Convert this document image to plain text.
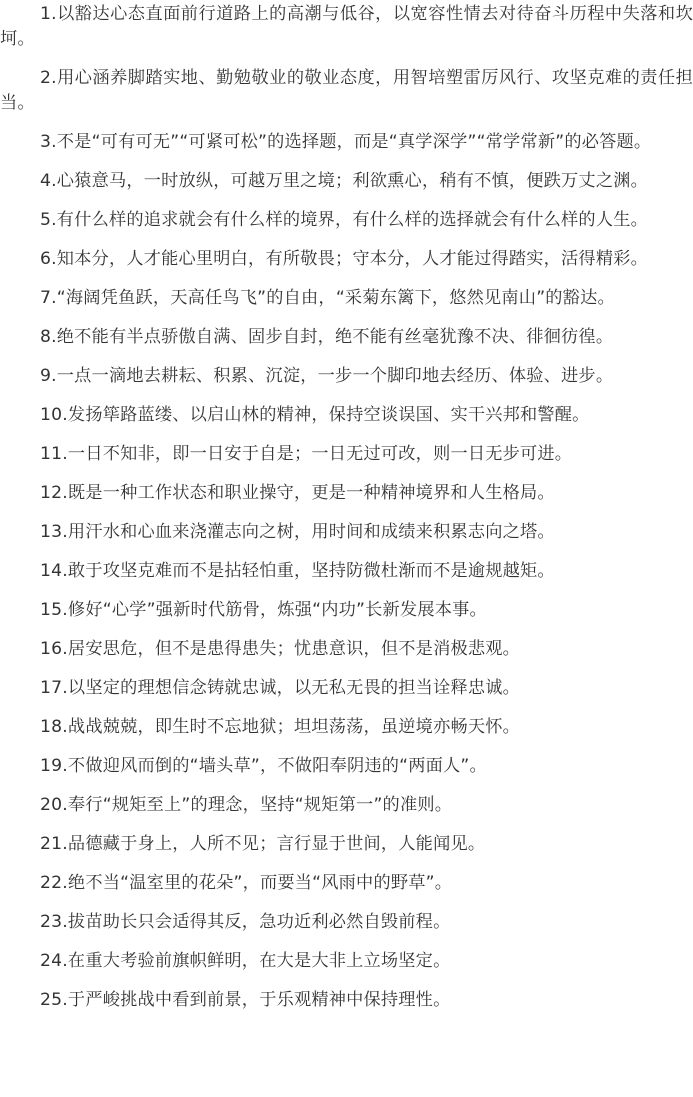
1.以豁达心态直面前行道路上的高潮与低谷，以宽容性情去对待奋斗历程中失落和坎坷。

2.用心涵养脚踏实地、勤勉敬业的敬业态度，用智培塑雷厉风行、攻坚克难的责任担当。

3.不是“可有可无”“可紧可松”的选择题，而是“真学深学”“常学常新”的必答题。

4.心猿意马，一时放纵，可越万里之境；利欲熏心，稍有不慎，便跌万丈之渊。

5.有什么样的追求就会有什么样的境界，有什么样的选择就会有什么样的人生。

6.知本分，人才能心里明白，有所敬畏；守本分，人才能过得踏实，活得精彩。

7.“海阔凭鱼跃，天高任鸟飞”的自由，“采菊东篱下，悠然见南山”的豁达。

8.绝不能有半点骄傲自满、固步自封，绝不能有丝毫犹豫不决、徘徊彷徨。

9.一点一滴地去耕耘、积累、沉淀，一步一个脚印地去经历、体验、进步。

10.发扬筚路蓝缕、以启山林的精神，保持空谈误国、实干兴邦和警醒。

11.一日不知非，即一日安于自是；一日无过可改，则一日无步可进。

12.既是一种工作状态和职业操守，更是一种精神境界和人生格局。

13.用汗水和心血来浇灌志向之树，用时间和成绩来积累志向之塔。

14.敢于攻坚克难而不是拈轻怕重，坚持防微杜渐而不是逾规越矩。

15.修好“心学”强新时代筋骨，炼强“内功”长新发展本事。

16.居安思危，但不是患得患失；忧患意识，但不是消极悲观。

17.以坚定的理想信念铸就忠诚，以无私无畏的担当诠释忠诚。

18.战战兢兢，即生时不忘地狱；坦坦荡荡，虽逆境亦畅天怀。

19.不做迎风而倒的“墙头草”，不做阳奉阴违的“两面人”。

20.奉行“规矩至上”的理念，坚持“规矩第一”的准则。

21.品德藏于身上，人所不见；言行显于世间，人能闻见。

22.绝不当“温室里的花朵”，而要当“风雨中的野草”。

23.拔苗助长只会适得其反，急功近利必然自毁前程。

24.在重大考验前旗帜鲜明，在大是大非上立场坚定。

25.于严峻挑战中看到前景，于乐观精神中保持理性。
